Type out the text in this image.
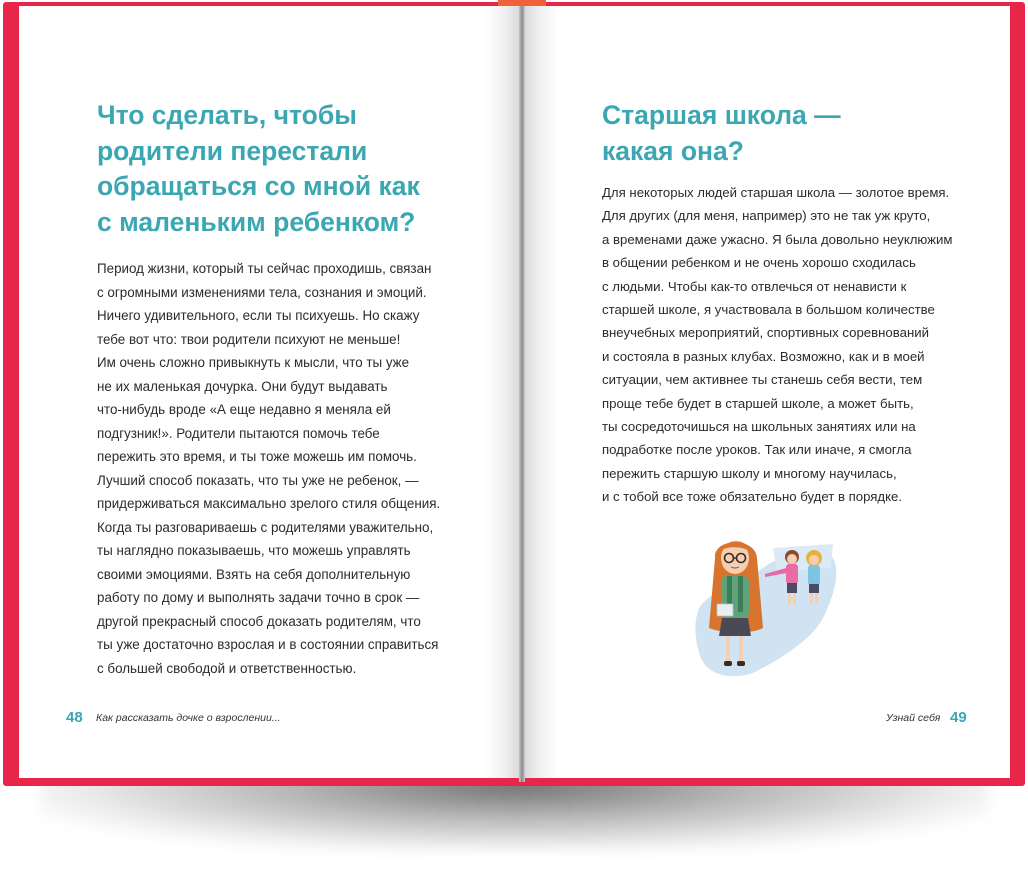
Что сделать, чтобы
родители перестали
обращаться со мной как
с маленьким ребенком?
Период жизни, который ты сейчас проходишь, связан
с огромными изменениями тела, сознания и эмоций.
Ничего удивительного, если ты психуешь. Но скажу
тебе вот что: твои родители психуют не меньше!
Им очень сложно привыкнуть к мысли, что ты уже
не их маленькая дочурка. Они будут выдавать
что-нибудь вроде «А еще недавно я меняла ей
подгузник!». Родители пытаются помочь тебе
пережить это время, и ты тоже можешь им помочь.
Лучший способ показать, что ты уже не ребенок, —
придерживаться максимально зрелого стиля общения.
Когда ты разговариваешь с родителями уважительно,
ты наглядно показываешь, что можешь управлять
своими эмоциями. Взять на себя дополнительную
работу по дому и выполнять задачи точно в срок —
другой прекрасный способ доказать родителям, что
ты уже достаточно взрослая и в состоянии справиться
с большей свободой и ответственностью.
48 Как рассказать дочке о взрослении...
Старшая школа —
какая она?
Для некоторых людей старшая школа — золотое время.
Для других (для меня, например) это не так уж круто,
а временами даже ужасно. Я была довольно неуклюжим
в общении ребенком и не очень хорошо сходилась
с людьми. Чтобы как-то отвлечься от ненависти к
старшей школе, я участвовала в большом количестве
внеучебных мероприятий, спортивных соревнований
и состояла в разных клубах. Возможно, как и в моей
ситуации, чем активнее ты станешь себя вести, тем
проще тебе будет в старшей школе, а может быть,
ты сосредоточишься на школьных занятиях или на
подработке после уроков. Так или иначе, я смогла
пережить старшую школу и многому научилась,
и с тобой все тоже обязательно будет в порядке.
Узнай себя 49
